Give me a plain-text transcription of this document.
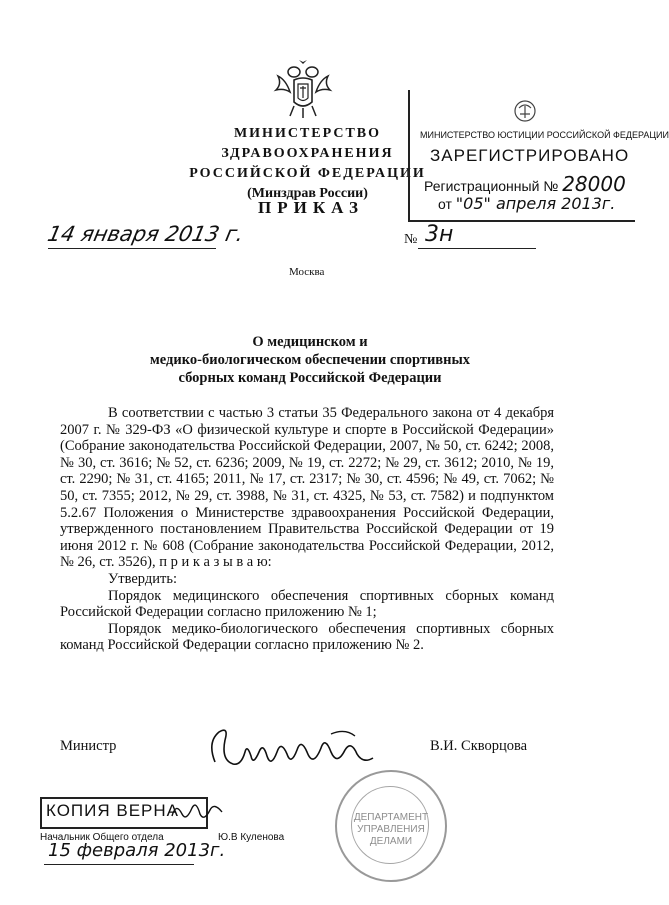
МИНИСТЕРСТВО ЗДРАВООХРАНЕНИЯ
РОССИЙСКОЙ ФЕДЕРАЦИИ
(Минздрав России)
МИНИСТЕРСТВО ЮСТИЦИИ РОССИЙСКОЙ ФЕДЕРАЦИИ
ЗАРЕГИСТРИРОВАНО
Регистрационный № 28000
от "05" апреля 2013г.
ПРИКАЗ
14 января 2013 г.	№ 3н
Москва
О медицинском и
медико-биологическом обеспечении спортивных
сборных команд Российской Федерации

В соответствии с частью 3 статьи 35 Федерального закона от 4 декабря 2007 г. № 329-ФЗ «О физической культуре и спорте в Российской Федерации» (Собрание законодательства Российской Федерации, 2007, № 50, ст. 6242; 2008, № 30, ст. 3616; № 52, ст. 6236; 2009, № 19, ст. 2272; № 29, ст. 3612; 2010, № 19, ст. 2290; № 31, ст. 4165; 2011, № 17, ст. 2317; № 30, ст. 4596; № 49, ст. 7062; № 50, ст. 7355; 2012, № 29, ст. 3988, № 31, ст. 4325, № 53, ст. 7582) и подпунктом 5.2.67 Положения о Министерстве здравоохранения Российской Федерации, утвержденного постановлением Правительства Российской Федерации от 19 июня 2012 г. № 608 (Собрание законодательства Российской Федерации, 2012, № 26, ст. 3526), п р и к а з ы в а ю:

Утвердить:

Порядок медицинского обеспечения спортивных сборных команд Российской Федерации согласно приложению № 1;

Порядок медико-биологического обеспечения спортивных сборных команд Российской Федерации согласно приложению № 2.

Министр	В.И. Скворцова
КОПИЯ ВЕРНА
Начальник Общего отдела	Ю.В Куленова
15 февраля 2013г.
ДЕПАРТАМЕНТ УПРАВЛЕНИЯ ДЕЛАМИ
